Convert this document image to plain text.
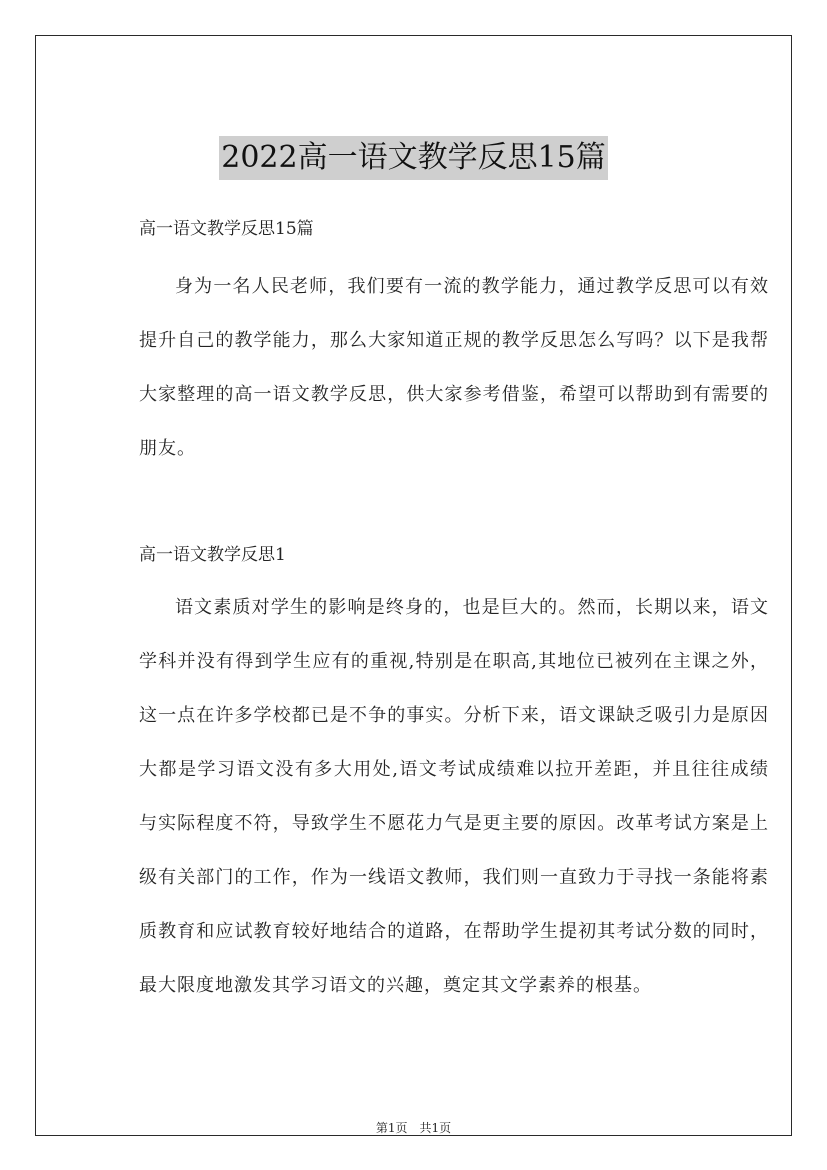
2022高一语文教学反思15篇

高一语文教学反思15篇

身为一名人民老师，我们要有一流的教学能力，通过教学反思可以有效提升自己的教学能力，那么大家知道正规的教学反思怎么写吗？以下是我帮大家整理的高一语文教学反思，供大家参考借鉴，希望可以帮助到有需要的朋友。

高一语文教学反思1

语文素质对学生的影响是终身的，也是巨大的。然而，长期以来，语文学科并没有得到学生应有的重视,特别是在职高,其地位已被列在主课之外，这一点在许多学校都已是不争的事实。分析下来，语文课缺乏吸引力是原因大都是学习语文没有多大用处,语文考试成绩难以拉开差距，并且往往成绩与实际程度不符，导致学生不愿花力气是更主要的原因。改革考试方案是上级有关部门的工作，作为一线语文教师，我们则一直致力于寻找一条能将素质教育和应试教育较好地结合的道路，在帮助学生提初其考试分数的同时，最大限度地激发其学习语文的兴趣，奠定其文学素养的根基。

第1页　共1页
